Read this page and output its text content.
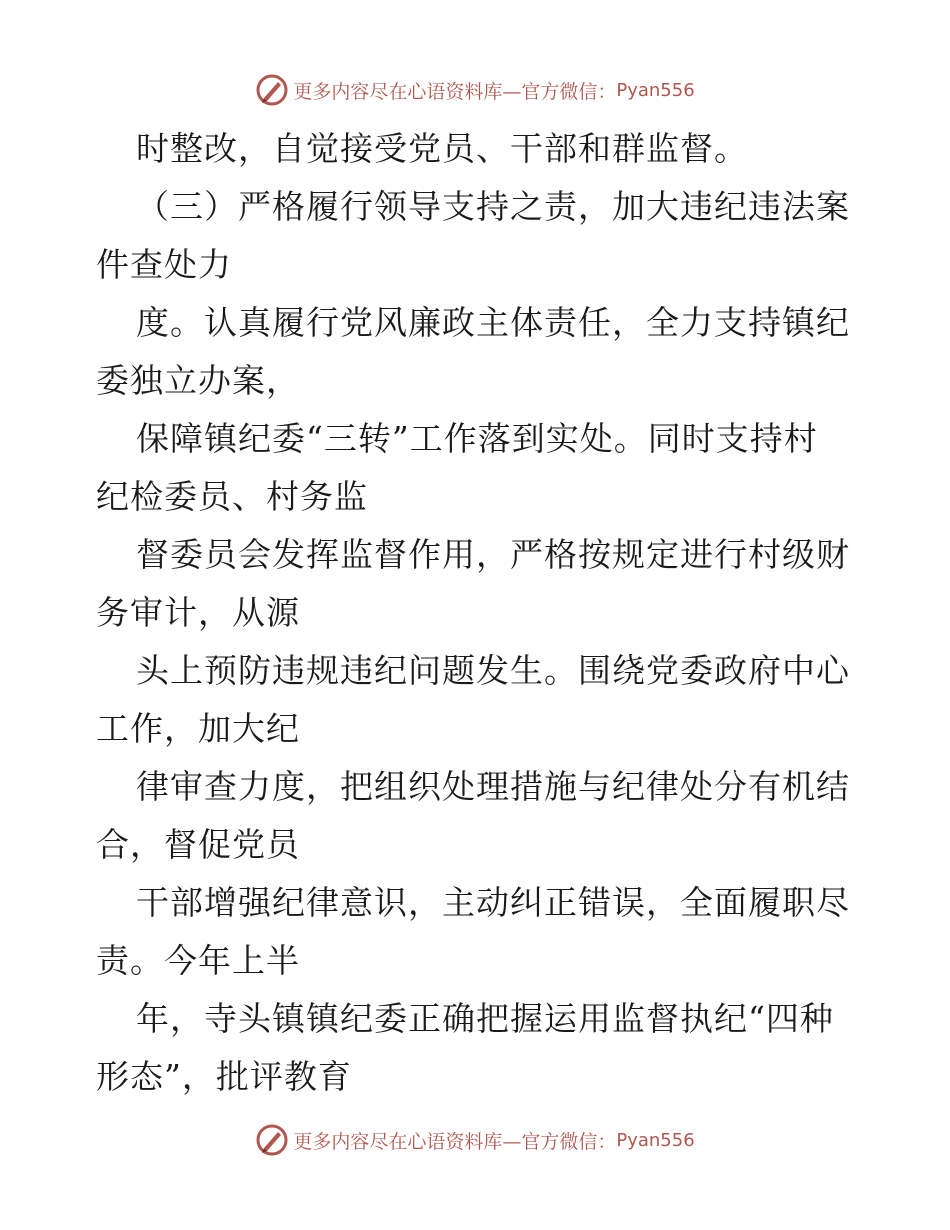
更多内容尽在心语资料库—官方微信： Pyan556
时整改，自觉接受党员、干部和群监督。
（三）严格履行领导支持之责，加大违纪违法案
件查处力
度。认真履行党风廉政主体责任，全力支持镇纪
委独立办案，
保障镇纪委“三转”工作落到实处。同时支持村
纪检委员、村务监
督委员会发挥监督作用，严格按规定进行村级财
务审计，从源
头上预防违规违纪问题发生。围绕党委政府中心
工作，加大纪
律审查力度，把组织处理措施与纪律处分有机结
合，督促党员
干部增强纪律意识，主动纠正错误，全面履职尽
责。今年上半
年，寺头镇镇纪委正确把握运用监督执纪“四种
形态”，批评教育
更多内容尽在心语资料库—官方微信： Pyan556
